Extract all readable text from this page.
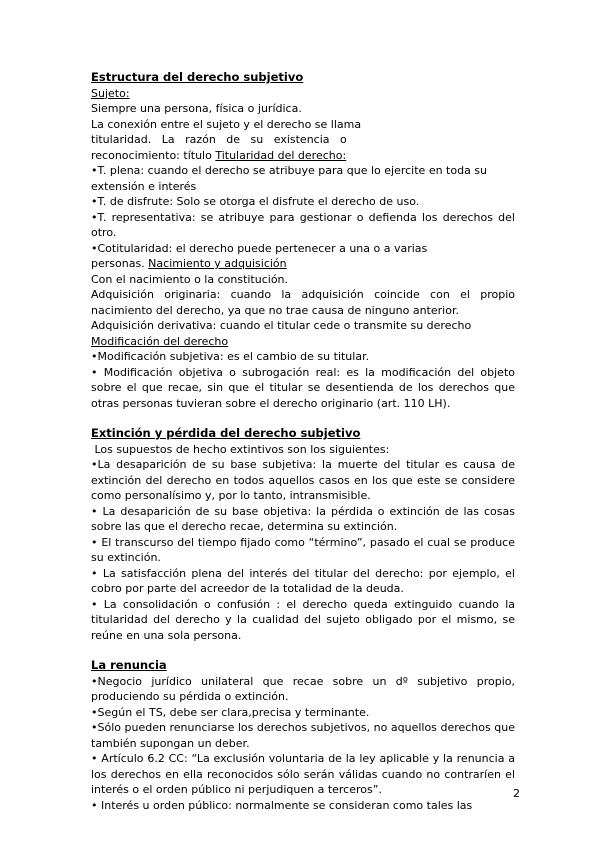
Estructura del derecho subjetivo

Sujeto:

Siempre una persona, física o jurídica.

La conexión entre el sujeto y el derecho se llama

titularidad.   La   razón   de   su   existencia   o

reconocimiento: título Titularidad del derecho:

•T. plena: cuando el derecho se atribuye para que lo ejercite en toda su extensión e interés

•T. de disfrute: Solo se otorga el disfrute el derecho de uso.

•T. representativa: se atribuye para gestionar o defienda los derechos del otro.

•Cotitularidad: el derecho puede pertenecer a una o a varias

personas. Nacimiento y adquisición

Con el nacimiento o la constitución.

Adquisición originaria: cuando la adquisición coincide con el propio nacimiento del derecho, ya que no trae causa de ninguno anterior.

Adquisición derivativa: cuando el titular cede o transmite su derecho

Modificación del derecho

•Modificación subjetiva: es el cambio de su titular.

• Modificación objetiva o subrogación real: es la modificación del objeto sobre el que recae, sin que el titular se desentienda de los derechos que otras personas tuvieran sobre el derecho originario (art. 110 LH).

Extinción y pérdida del derecho subjetivo

Los supuestos de hecho extintivos son los siguientes:

•La desaparición de su base subjetiva: la muerte del titular es causa de extinción del derecho en todos aquellos casos en los que este se considere como personalísimo y, por lo tanto, intransmisible.

• La desaparición de su base objetiva: la pérdida o extinción de las cosas sobre las que el derecho recae, determina su extinción.

• El transcurso del tiempo fijado como “término”, pasado el cual se produce su extinción.

• La satisfacción plena del interés del titular del derecho: por ejemplo, el cobro por parte del acreedor de la totalidad de la deuda.

• La consolidación o confusión : el derecho queda extinguido cuando la titularidad del derecho y la cualidad del sujeto obligado por el mismo, se reúne en una sola persona.

La renuncia

•Negocio jurídico unilateral que recae sobre un dº subjetivo propio, produciendo su pérdida o extinción.

•Según el TS, debe ser clara,precisa y terminante.

•Sólo pueden renunciarse los derechos subjetivos, no aquellos derechos que también supongan un deber.

• Artículo 6.2 CC: “La exclusión voluntaria de la ley aplicable y la renuncia a los derechos en ella reconocidos sólo serán válidas cuando no contraríen el interés o el orden público ni perjudiquen a terceros”.

• Interés u orden público: normalmente se consideran como tales las

2
